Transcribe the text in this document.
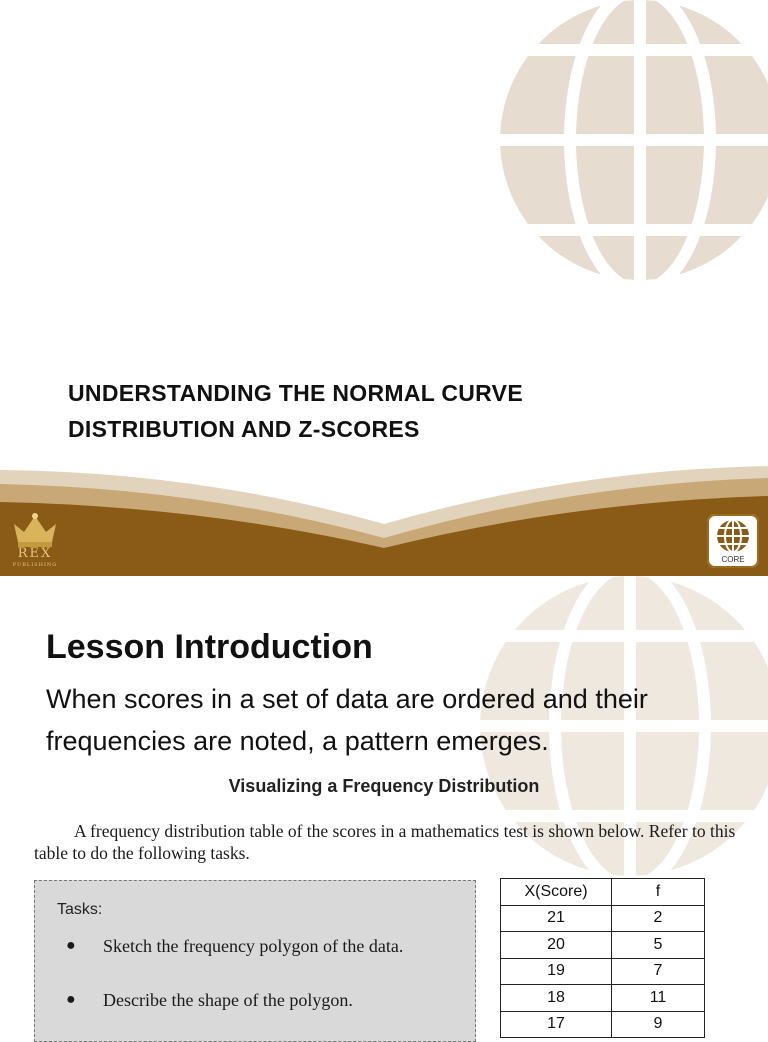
UNDERSTANDING THE NORMAL CURVE
DISTRIBUTION AND Z-SCORES
REX
PUBLISHING
CORE
Lesson Introduction

When scores in a set of data are ordered and their frequencies are noted, a pattern emerges.

Visualizing a Frequency Distribution

A frequency distribution table of the scores in a mathematics test is shown below. Refer to this table to do the following tasks.

Tasks:
● Sketch the frequency polygon of the data.
● Describe the shape of the polygon.
X(Score)	f
21	2
20	5
19	7
18	11
17	9
